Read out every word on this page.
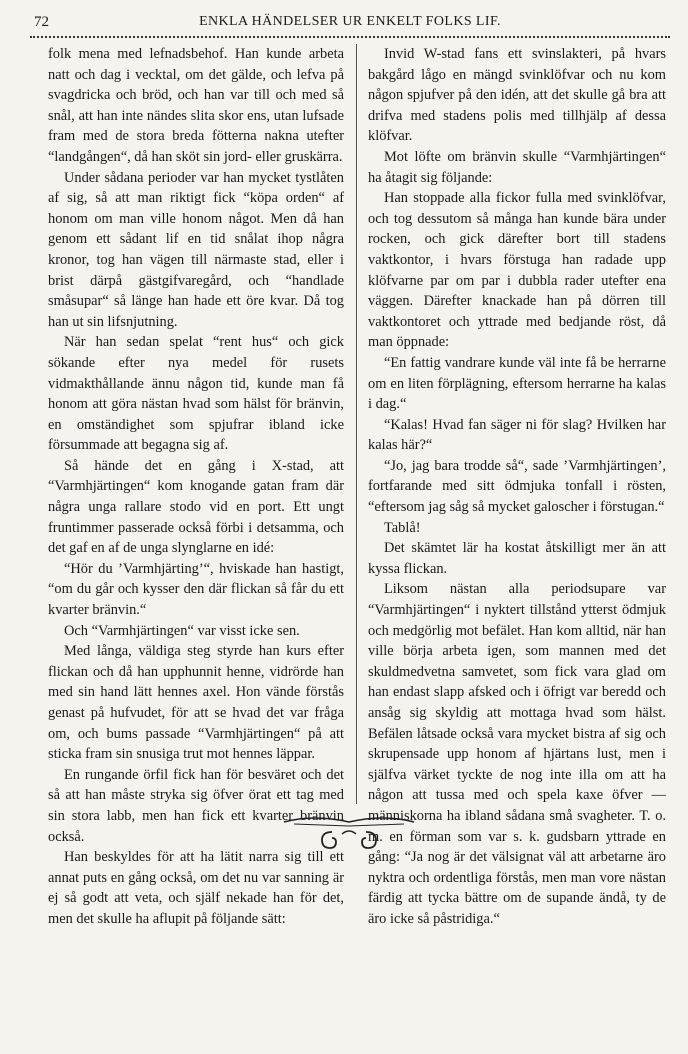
72	ENKLA HÄNDELSER UR ENKELT FOLKS LIF.

folk mena med lefnadsbehof. Han kunde arbeta natt och dag i vecktal, om det gälde, och lefva på svagdricka och bröd, och han var till och med så snål, att han inte nändes slita skor ens, utan lufsade fram med de stora breda fötterna nakna utefter “landgången“, då han sköt sin jord- eller gruskärra.

Under sådana perioder var han mycket tystlåten af sig, så att man riktigt fick “köpa orden“ af honom om man ville honom något. Men då han genom ett sådant lif en tid snålat ihop några kronor, tog han vägen till närmaste stad, eller i brist därpå gästgifvaregård, och “handlade småsupar“ så länge han hade ett öre kvar. Då tog han ut sin lifsnjutning.

När han sedan spelat “rent hus“ och gick sökande efter nya medel för rusets vidmakthållande ännu någon tid, kunde man få honom att göra nästan hvad som hälst för bränvin, en omständighet som spjufrar ibland icke försummade att begagna sig af.

Så hände det en gång i X-stad, att “Varmhjärtingen“ kom knogande gatan fram där några unga rallare stodo vid en port. Ett ungt fruntimmer passerade också förbi i detsamma, och det gaf en af de unga slynglarne en idé:

“Hör du ’Varmhjärting’“, hviskade han hastigt, “om du går och kysser den där flickan så får du ett kvarter bränvin.“

Och “Varmhjärtingen“ var visst icke sen.

Med långa, väldiga steg styrde han kurs efter flickan och då han upphunnit henne, vidrörde han med sin hand lätt hennes axel. Hon vände förstås genast på hufvudet, för att se hvad det var fråga om, och bums passade “Varmhjärtingen“ på att sticka fram sin snusiga trut mot hennes läppar.

En rungande örfil fick han för besväret och det så att han måste stryka sig öfver örat ett tag med sin stora labb, men han fick ett kvarter bränvin också.

Han beskyldes för att ha lätit narra sig till ett annat puts en gång också, om det nu var sanning är ej så godt att veta, och själf nekade han för det, men det skulle ha aflupit på följande sätt:

Invid W-stad fans ett svinslakteri, på hvars bakgård lågo en mängd svinklöfvar och nu kom någon spjufver på den idén, att det skulle gå bra att drifva med stadens polis med tillhjälp af dessa klöfvar.

Mot löfte om bränvin skulle “Varmhjärtingen“ ha åtagit sig följande:

Han stoppade alla fickor fulla med svinklöfvar, och tog dessutom så många han kunde bära under rocken, och gick därefter bort till stadens vaktkontor, i hvars förstuga han radade upp klöfvarne par om par i dubbla rader utefter ena väggen. Därefter knackade han på dörren till vaktkontoret och yttrade med bedjande röst, då man öppnade:

“En fattig vandrare kunde väl inte få be herrarne om en liten förplägning, eftersom herrarne ha kalas i dag.“

“Kalas! Hvad fan säger ni för slag? Hvilken har kalas här?“

“Jo, jag bara trodde så“, sade ’Varmhjärtingen’, fortfarande med sitt ödmjuka tonfall i rösten, “eftersom jag såg så mycket galoscher i förstugan.“

Tablå!

Det skämtet lär ha kostat åtskilligt mer än att kyssa flickan.

Liksom nästan alla periodsupare var “Varmhjärtingen“ i nyktert tillstånd ytterst ödmjuk och medgörlig mot befälet. Han kom alltid, när han ville börja arbeta igen, som mannen med det skuldmedvetna samvetet, som fick vara glad om han endast slapp afsked och i öfrigt var beredd och ansåg sig skyldig att mottaga hvad som hälst. Befälen låtsade också vara mycket bistra af sig och skrupensade upp honom af hjärtans lust, men i själfva värket tyckte de nog inte illa om att ha någon att tussa med och spela kaxe öfver — människorna ha ibland sådana små svagheter. T. o. m. en förman som var s. k. gudsbarn yttrade en gång: “Ja nog är det välsignat väl att arbetarne äro nyktra och ordentliga förstås, men man vore nästan färdig att tycka bättre om de supande ändå, ty de äro icke så påstridiga.“
